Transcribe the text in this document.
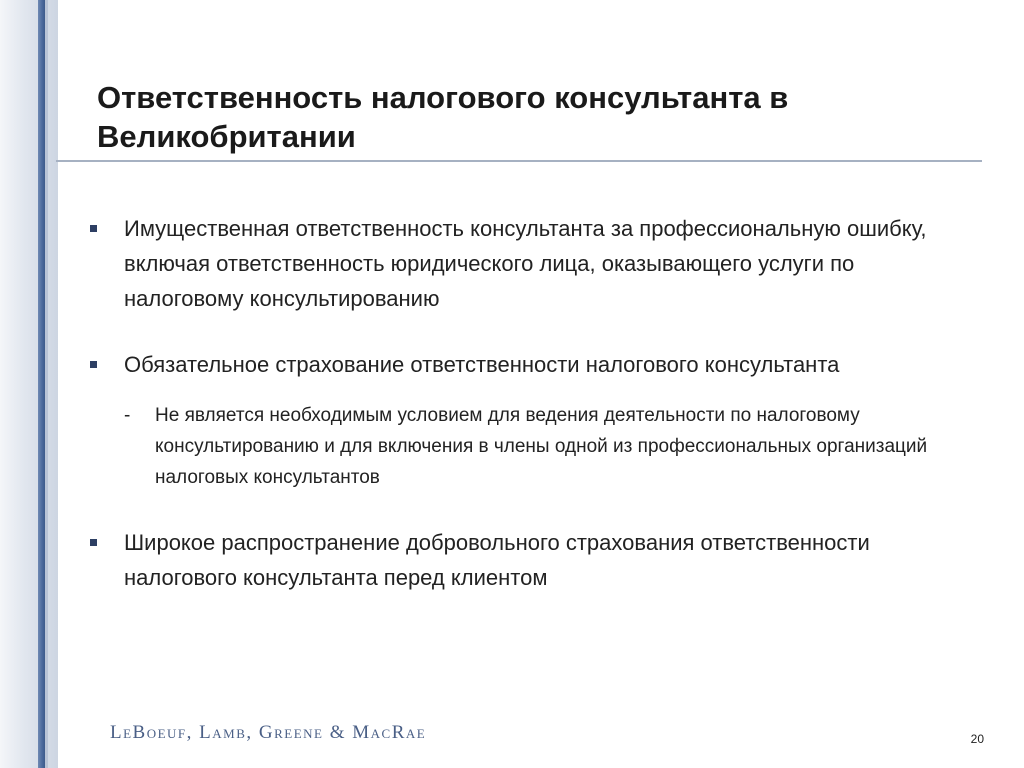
Ответственность налогового консультанта в Великобритании
Имущественная ответственность консультанта за профессиональную ошибку, включая ответственность юридического лица, оказывающего услуги по налоговому консультированию
Обязательное страхование ответственности налогового консультанта
- Не является необходимым условием для ведения деятельности по налоговому консультированию и для включения в члены одной из профессиональных организаций налоговых консультантов
Широкое распространение добровольного страхования ответственности налогового консультанта перед клиентом
LeBoeuf, Lamb, Greene & MacRae	20
